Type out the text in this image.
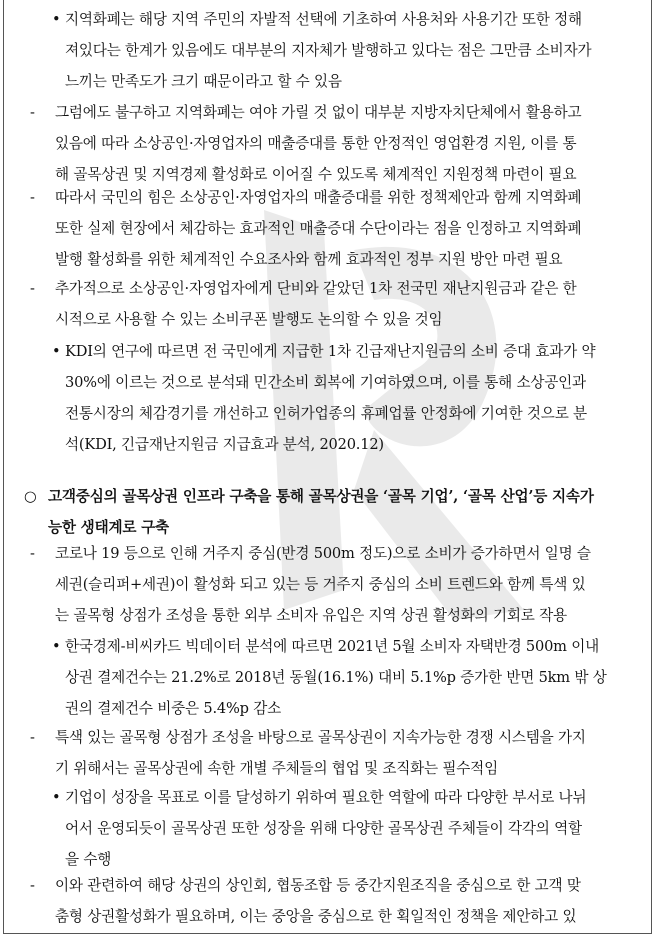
• 지역화폐는 해당 지역 주민의 자발적 선택에 기초하여 사용처와 사용기간 또한 정해
져있다는 한계가 있음에도 대부분의 지자체가 발행하고 있다는 점은 그만큼 소비자가
느끼는 만족도가 크기 때문이라고 할 수 있음
- 그럼에도 불구하고 지역화폐는 여야 가릴 것 없이 대부분 지방자치단체에서 활용하고
있음에 따라 소상공인·자영업자의 매출증대를 통한 안정적인 영업환경 지원, 이를 통
해 골목상권 및 지역경제 활성화로 이어질 수 있도록 체계적인 지원정책 마련이 필요
- 따라서 국민의 힘은 소상공인·자영업자의 매출증대를 위한 정책제안과 함께 지역화폐
또한 실제 현장에서 체감하는 효과적인 매출증대 수단이라는 점을 인정하고 지역화폐
발행 활성화를 위한 체계적인 수요조사와 함께 효과적인 정부 지원 방안 마련 필요
- 추가적으로 소상공인·자영업자에게 단비와 같았던 1차 전국민 재난지원금과 같은 한
시적으로 사용할 수 있는 소비쿠폰 발행도 논의할 수 있을 것임
• KDI의 연구에 따르면 전 국민에게 지급한 1차 긴급재난지원금의 소비 증대 효과가 약
30%에 이르는 것으로 분석돼 민간소비 회복에 기여하였으며, 이를 통해 소상공인과
전통시장의 체감경기를 개선하고 인허가업종의 휴폐업률 안정화에 기여한 것으로 분
석(KDI, 긴급재난지원금 지급효과 분석, 2020.12)
○ 고객중심의 골목상권 인프라 구축을 통해 골목상권을 ‘골목 기업’, ‘골목 산업’등 지속가
능한 생태계로 구축
- 코로나 19 등으로 인해 거주지 중심(반경 500m 정도)으로 소비가 증가하면서 일명 슬
세권(슬리퍼+세권)이 활성화 되고 있는 등 거주지 중심의 소비 트렌드와 함께 특색 있
는 골목형 상점가 조성을 통한 외부 소비자 유입은 지역 상권 활성화의 기회로 작용
• 한국경제-비씨카드 빅데이터 분석에 따르면 2021년 5월 소비자 자택반경 500m 이내
상권 결제건수는 21.2%로 2018년 동월(16.1%) 대비 5.1%p 증가한 반면 5km 밖 상
권의 결제건수 비중은 5.4%p 감소
- 특색 있는 골목형 상점가 조성을 바탕으로 골목상권이 지속가능한 경쟁 시스템을 가지
기 위해서는 골목상권에 속한 개별 주체들의 협업 및 조직화는 필수적임
• 기업이 성장을 목표로 이를 달성하기 위하여 필요한 역할에 따라 다양한 부서로 나뉘
어서 운영되듯이 골목상권 또한 성장을 위해 다양한 골목상권 주체들이 각각의 역할
을 수행
- 이와 관련하여 해당 상권의 상인회, 협동조합 등 중간지원조직을 중심으로 한 고객 맞
춤형 상권활성화가 필요하며, 이는 중앙을 중심으로 한 획일적인 정책을 제안하고 있
